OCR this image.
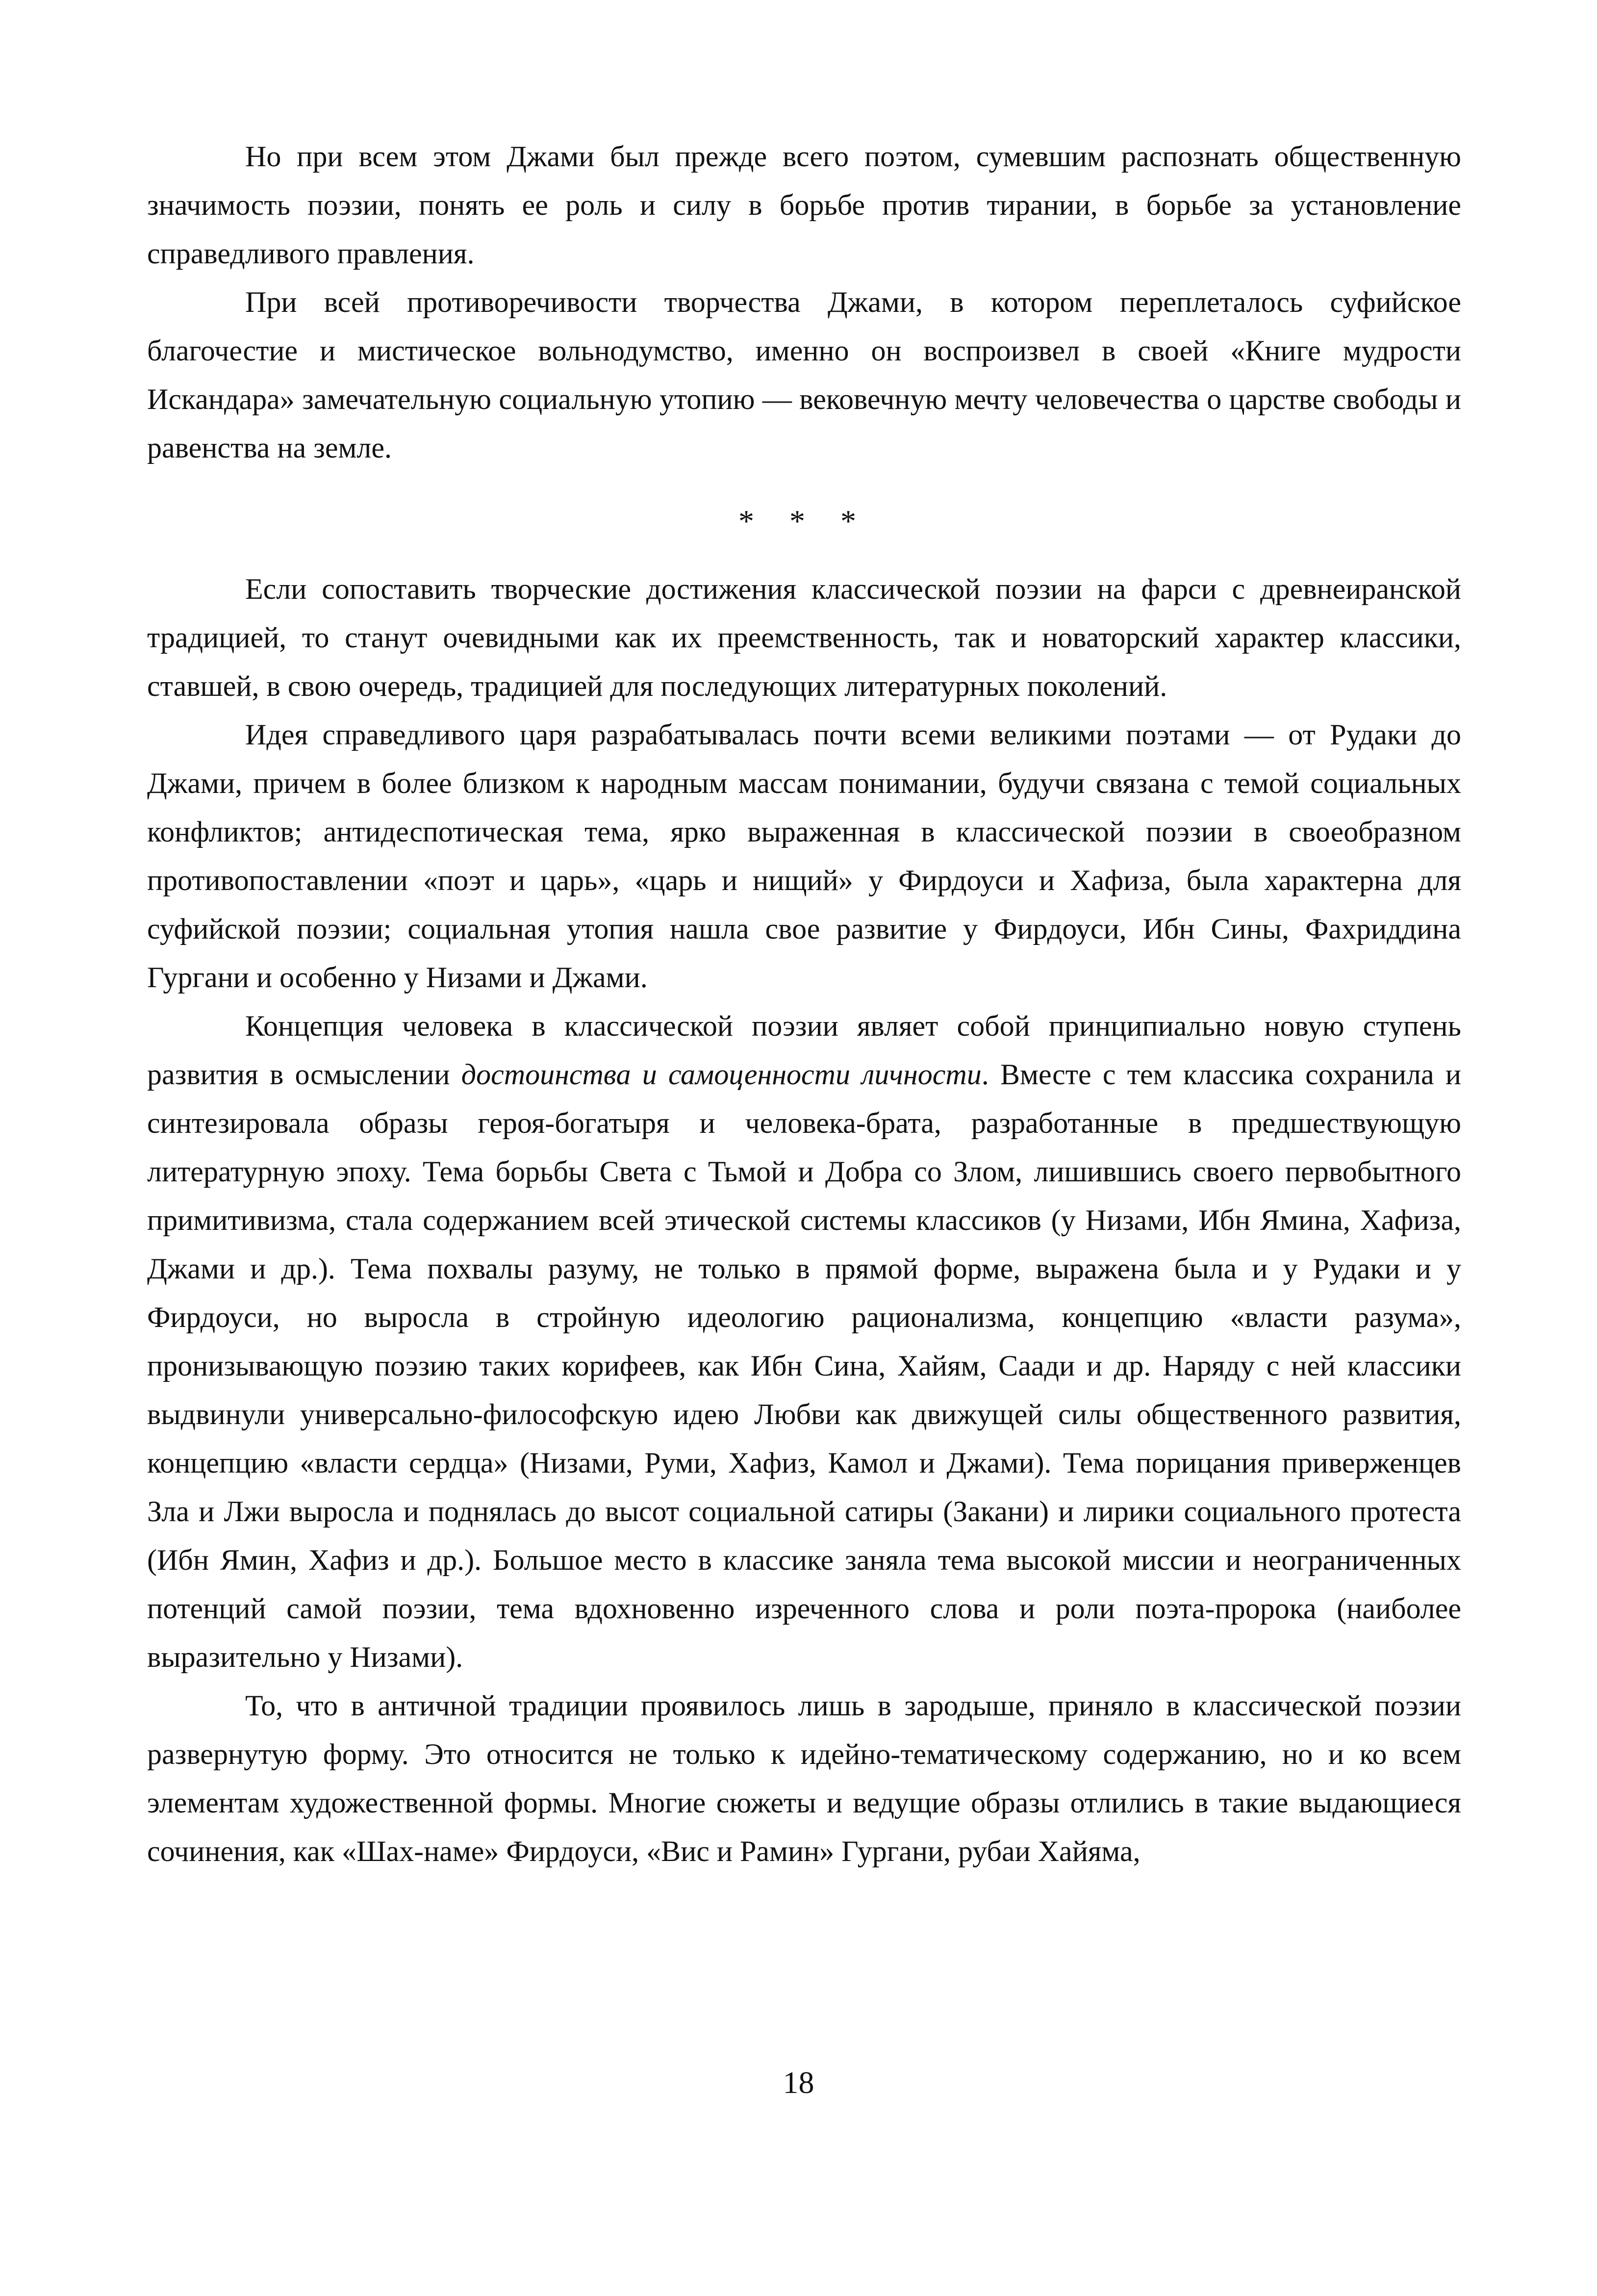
Но при всем этом Джами был прежде всего поэтом, сумевшим распознать общественную значимость поэзии, понять ее роль и силу в борьбе против тирании, в борьбе за установление справедливого правления.

При всей противоречивости творчества Джами, в котором переплеталось суфийское благочестие и мистическое вольнодумство, именно он воспроизвел в своей «Книге мудрости Искандара» замечательную социальную утопию — вековечную мечту человечества о царстве свободы и равенства на земле.

* * *

Если сопоставить творческие достижения классической поэзии на фарси с древнеиранской традицией, то станут очевидными как их преемственность, так и новаторский характер классики, ставшей, в свою очередь, традицией для последующих литературных поколений.

Идея справедливого царя разрабатывалась почти всеми великими поэтами — от Рудаки до Джами, причем в более близком к народным массам понимании, будучи связана с темой социальных конфликтов; антидеспотическая тема, ярко выраженная в классической поэзии в своеобразном противопоставлении «поэт и царь», «царь и нищий» у Фирдоуси и Хафиза, была характерна для суфийской поэзии; социальная утопия нашла свое развитие у Фирдоуси, Ибн Сины, Фахриддина Гургани и особенно у Низами и Джами.

Концепция человека в классической поэзии являет собой принципиально новую ступень развития в осмыслении достоинства и самоценности личности. Вместе с тем классика сохранила и синтезировала образы героя-богатыря и человека-брата, разработанные в предшествующую литературную эпоху. Тема борьбы Света с Тьмой и Добра со Злом, лишившись своего первобытного примитивизма, стала содержанием всей этической системы классиков (у Низами, Ибн Ямина, Хафиза, Джами и др.). Тема похвалы разуму, не только в прямой форме, выражена была и у Рудаки и у Фирдоуси, но выросла в стройную идеологию рационализма, концепцию «власти разума», пронизывающую поэзию таких корифеев, как Ибн Сина, Хайям, Саади и др. Наряду с ней классики выдвинули универсально-философскую идею Любви как движущей силы общественного развития, концепцию «власти сердца» (Низами, Руми, Хафиз, Камол и Джами). Тема порицания приверженцев Зла и Лжи выросла и поднялась до высот социальной сатиры (Закани) и лирики социального протеста (Ибн Ямин, Хафиз и др.). Большое место в классике заняла тема высокой миссии и неограниченных потенций самой поэзии, тема вдохновенно изреченного слова и роли поэта-пророка (наиболее выразительно у Низами).

То, что в античной традиции проявилось лишь в зародыше, приняло в классической поэзии развернутую форму. Это относится не только к идейно-тематическому содержанию, но и ко всем элементам художественной формы. Многие сюжеты и ведущие образы отлились в такие выдающиеся сочинения, как «Шах-наме» Фирдоуси, «Вис и Рамин» Гургани, рубаи Хайяма,

18
